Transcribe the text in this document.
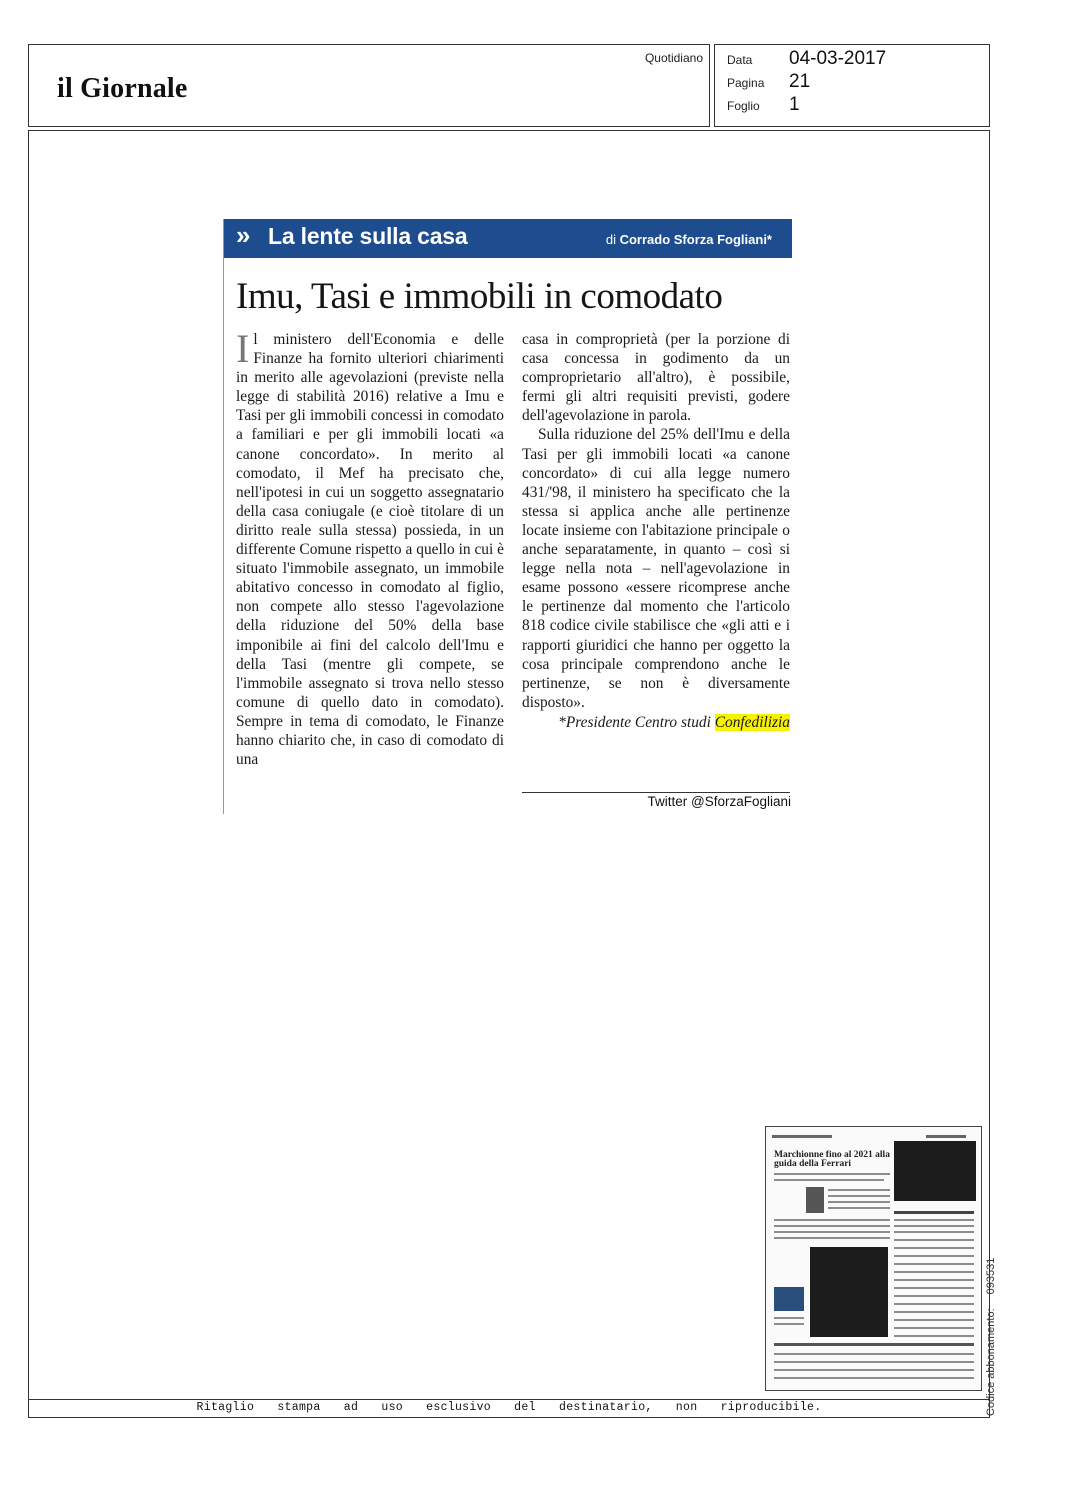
il Giornale
Quotidiano Data 04-03-2017
Pagina 21
Foglio 1
Ritaglio stampa ad uso esclusivo del destinatario, non riproducibile.
» La lente sulla casa	di Corrado Sforza Fogliani*
Imu, Tasi e immobili in comodato

Il ministero dell'Economia e delle Finanze ha fornito ulteriori chiarimenti in merito alle agevolazioni (previste nella legge di stabilità 2016) relative a Imu e Tasi per gli immobili concessi in comodato a familiari e per gli immobili locati «a canone concordato». In merito al comodato, il Mef ha precisato che, nell'ipotesi in cui un soggetto assegnatario della casa coniugale (e cioè titolare di un diritto reale sulla stessa) possieda, in un differente Comune rispetto a quello in cui è situato l'immobile assegnato, un immobile abitativo concesso in comodato al figlio, non compete allo stesso l'agevolazione della riduzione del 50% della base imponibile ai fini del calcolo dell'Imu e della Tasi (mentre gli compete, se l'immobile assegnato si trova nello stesso comune di quello dato in comodato). Sempre in tema di comodato, le Finanze hanno chiarito che, in caso di comodato di una

casa in comproprietà (per la porzione di casa concessa in godimento da un comproprietario all'altro), è possibile, fermi gli altri requisiti previsti, godere dell'agevolazione in parola.

Sulla riduzione del 25% dell'Imu e della Tasi per gli immobili locati «a canone concordato» di cui alla legge numero 431/'98, il ministero ha specificato che la stessa si applica anche alle pertinenze locate insieme con l'abitazione principale o anche separatamente, in quanto – così si legge nella nota – nell'agevolazione in esame possono «essere ricomprese anche le pertinenze dal momento che l'articolo 818 codice civile stabilisce che «gli atti e i rapporti giuridici che hanno per oggetto la cosa principale comprendono anche le pertinenze, se non è diversamente disposto».

*Presidente Centro studi Confedilizia
Twitter @SforzaFogliani
Marchionne fino al 2021 alla guida della Ferrari
Codice abbonamento:093531
